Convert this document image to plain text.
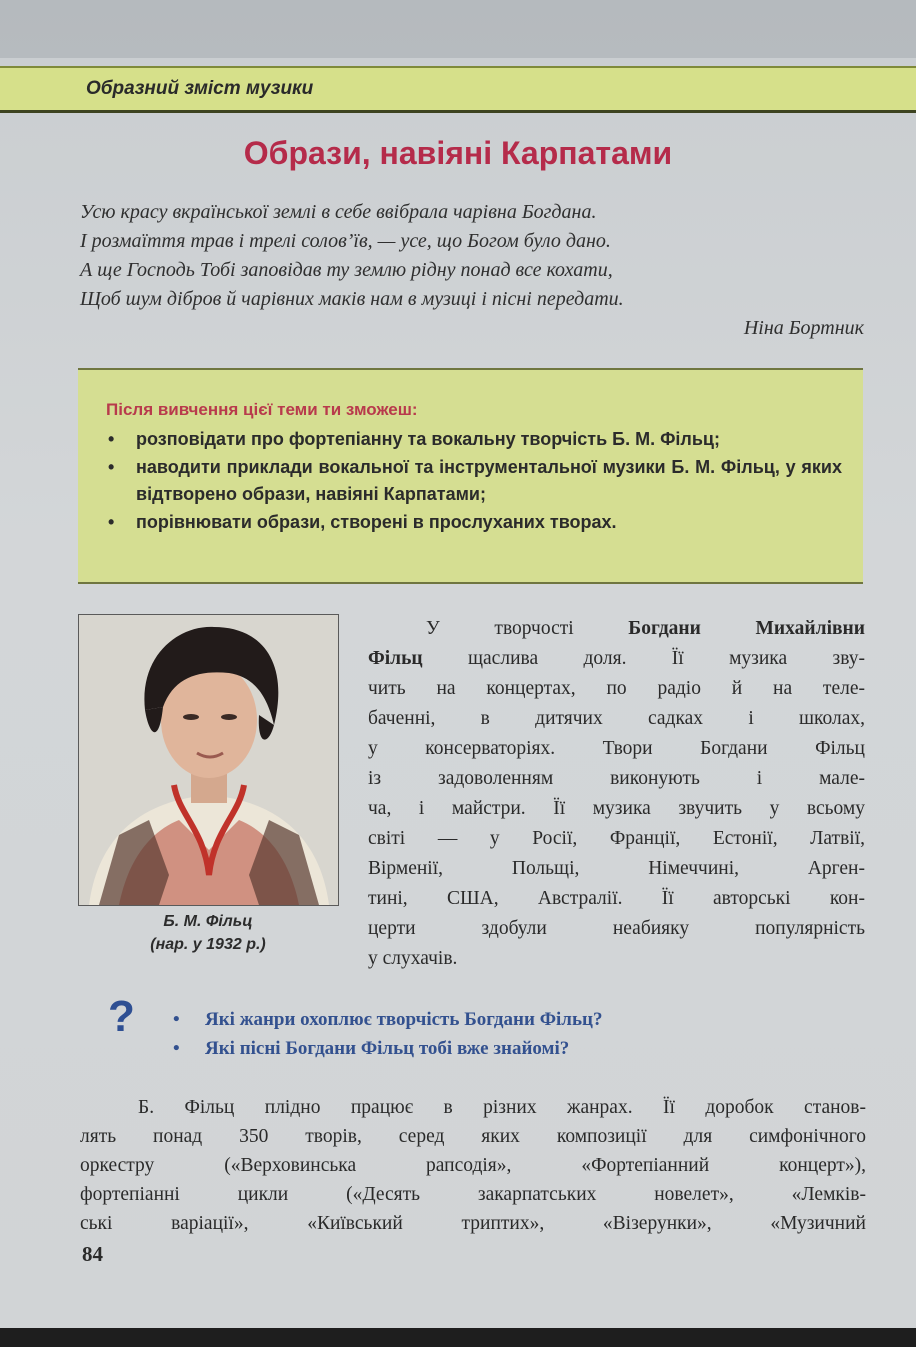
Образний зміст музики
Образи, навіяні Карпатами
Усю красу вкраїнської землі в себе ввібрала чарівна Богдана.
І розмаїття трав і трелі солов’їв, — усе, що Богом було дано.
А ще Господь Тобі заповідав ту землю рідну понад все кохати,
Щоб шум дібров й чарівних маків нам в музиці і пісні передати.
Ніна Бортник
Після вивчення цієї теми ти зможеш:
• розповідати про фортепіанну та вокальну творчість Б. М. Фільц;
• наводити приклади вокальної та інструментальної музики Б. М. Фільц, у яких відтворено образи, навіяні Карпатами;
• порівнювати образи, створені в прослуханих творах.
Б. М. Фільц
(нар. у 1932 р.)
У творчості Богдани Михайлівни
Фільц щаслива доля. Її музика зву-
чить на концертах, по радіо й на теле-
баченні, в дитячих садках і школах,
у консерваторіях. Твори Богдани Фільц
із задоволенням виконують і мале-
ча, і майстри. Її музика звучить у всьому
світі — у Росії, Франції, Естонії, Латвії,
Вірменії, Польщі, Німеччині, Арген-
тині, США, Австралії. Її авторські кон-
церти здобули неабияку популярність
у слухачів.
?
•	Які жанри охоплює творчість Богдани Фільц?
• Які пісні Богдани Фільц тобі вже знайомі?
Б. Фільц плідно працює в різних жанрах. Її доробок станов-
лять понад 350 творів, серед яких композиції для симфонічного
оркестру («Верховинська рапсодія», «Фортепіанний концерт»),
фортепіанні цикли («Десять закарпатських новелет», «Лемків-
ські варіації», «Київський триптих», «Візерунки», «Музичний
84
